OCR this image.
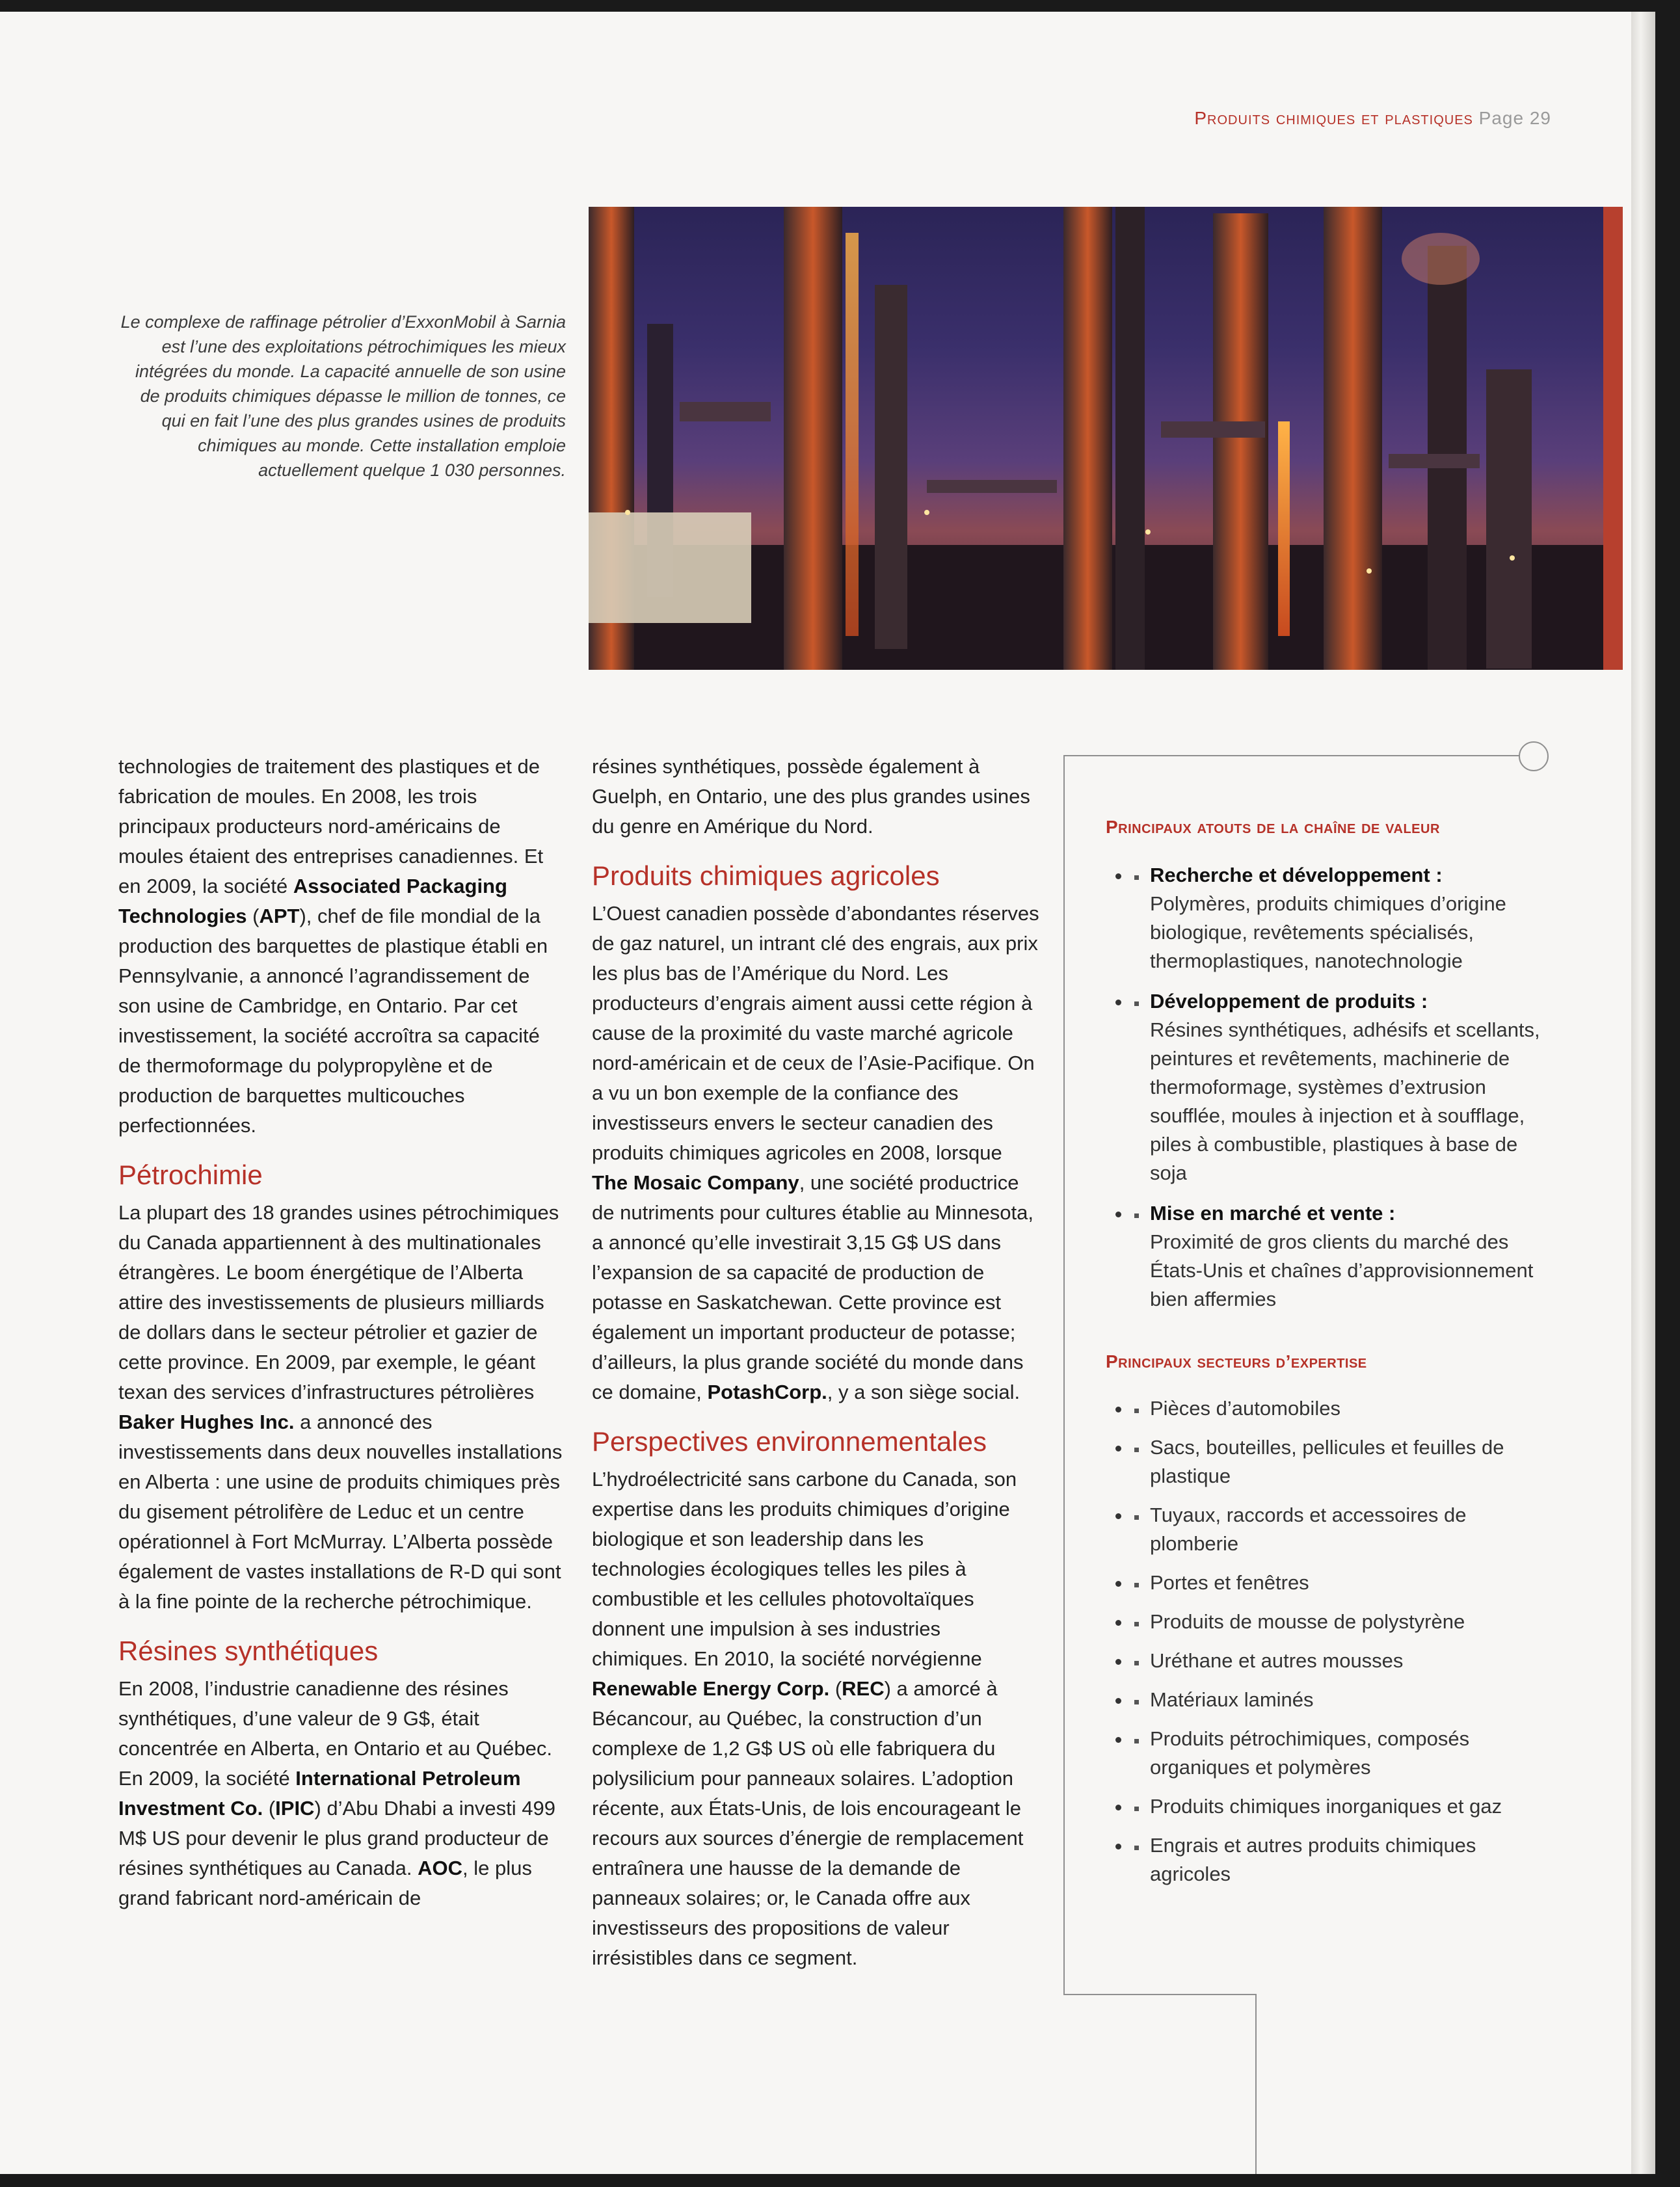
Produits chimiques et plastiques Page 29
Le complexe de raffinage pétrolier d’ExxonMobil à Sarnia est l’une des exploitations pétrochimiques les mieux intégrées du monde. La capacité annuelle de son usine de produits chimiques dépasse le million de tonnes, ce qui en fait l’une des plus grandes usines de produits chimiques au monde. Cette installation emploie actuellement quelque 1 030 personnes.

technologies de traitement des plastiques et de fabrication de moules. En 2008, les trois principaux producteurs nord-américains de moules étaient des entreprises canadiennes. Et en 2009, la société Associated Packaging Technologies (APT), chef de file mondial de la production des barquettes de plastique établi en Pennsylvanie, a annoncé l’agrandissement de son usine de Cambridge, en Ontario. Par cet investissement, la société accroîtra sa capacité de thermoformage du polypropylène et de production de barquettes multicouches perfectionnées.

Pétrochimie

La plupart des 18 grandes usines pétrochimiques du Canada appartiennent à des multinationales étrangères. Le boom énergétique de l’Alberta attire des investissements de plusieurs milliards de dollars dans le secteur pétrolier et gazier de cette province. En 2009, par exemple, le géant texan des services d’infrastructures pétrolières Baker Hughes Inc. a annoncé des investissements dans deux nouvelles installations en Alberta : une usine de produits chimiques près du gisement pétrolifère de Leduc et un centre opérationnel à Fort McMurray. L’Alberta possède également de vastes installations de R-D qui sont à la fine pointe de la recherche pétrochimique.

Résines synthétiques

En 2008, l’industrie canadienne des résines synthétiques, d’une valeur de 9 G$, était concentrée en Alberta, en Ontario et au Québec. En 2009, la société International Petroleum Investment Co. (IPIC) d’Abu Dhabi a investi 499 M$ US pour devenir le plus grand producteur de résines synthétiques au Canada. AOC, le plus grand fabricant nord-américain de

résines synthétiques, possède également à Guelph, en Ontario, une des plus grandes usines du genre en Amérique du Nord.

Produits chimiques agricoles

L’Ouest canadien possède d’abondantes réserves de gaz naturel, un intrant clé des engrais, aux prix les plus bas de l’Amérique du Nord. Les producteurs d’engrais aiment aussi cette région à cause de la proximité du vaste marché agricole nord-américain et de ceux de l’Asie-Pacifique. On a vu un bon exemple de la confiance des investisseurs envers le secteur canadien des produits chimiques agricoles en 2008, lorsque The Mosaic Company, une société productrice de nutriments pour cultures établie au Minnesota, a annoncé qu’elle investirait 3,15 G$ US dans l’expansion de sa capacité de production de potasse en Saskatchewan. Cette province est également un important producteur de potasse; d’ailleurs, la plus grande société du monde dans ce domaine, PotashCorp., y a son siège social.

Perspectives environnementales

L’hydroélectricité sans carbone du Canada, son expertise dans les produits chimiques d’origine biologique et son leadership dans les technologies écologiques telles les piles à combustible et les cellules photovoltaïques donnent une impulsion à ses industries chimiques. En 2010, la société norvégienne Renewable Energy Corp. (REC) a amorcé à Bécancour, au Québec, la construction d’un complexe de 1,2 G$ US où elle fabriquera du polysilicium pour panneaux solaires. L’adoption récente, aux États-Unis, de lois encourageant le recours aux sources d’énergie de remplacement entraînera une hausse de la demande de panneaux solaires; or, le Canada offre aux investisseurs des propositions de valeur irrésistibles dans ce segment.

Principaux atouts de la chaîne de valeur
• Recherche et développement :
Polymères, produits chimiques d’origine biologique, revêtements spécialisés, thermoplastiques, nanotechnologie
• Développement de produits :
Résines synthétiques, adhésifs et scellants, peintures et revêtements, machinerie de thermoformage, systèmes d’extrusion soufflée, moules à injection et à soufflage, piles à combustible, plastiques à base de soja
• Mise en marché et vente :
Proximité de gros clients du marché des États-Unis et chaînes d’approvisionnement bien affermies
Principaux secteurs d’expertise
• Pièces d’automobiles
• Sacs, bouteilles, pellicules et feuilles de plastique
• Tuyaux, raccords et accessoires de plomberie
• Portes et fenêtres
• Produits de mousse de polystyrène
• Uréthane et autres mousses
• Matériaux laminés
• Produits pétrochimiques, composés organiques et polymères
• Produits chimiques inorganiques et gaz
• Engrais et autres produits chimiques agricoles
